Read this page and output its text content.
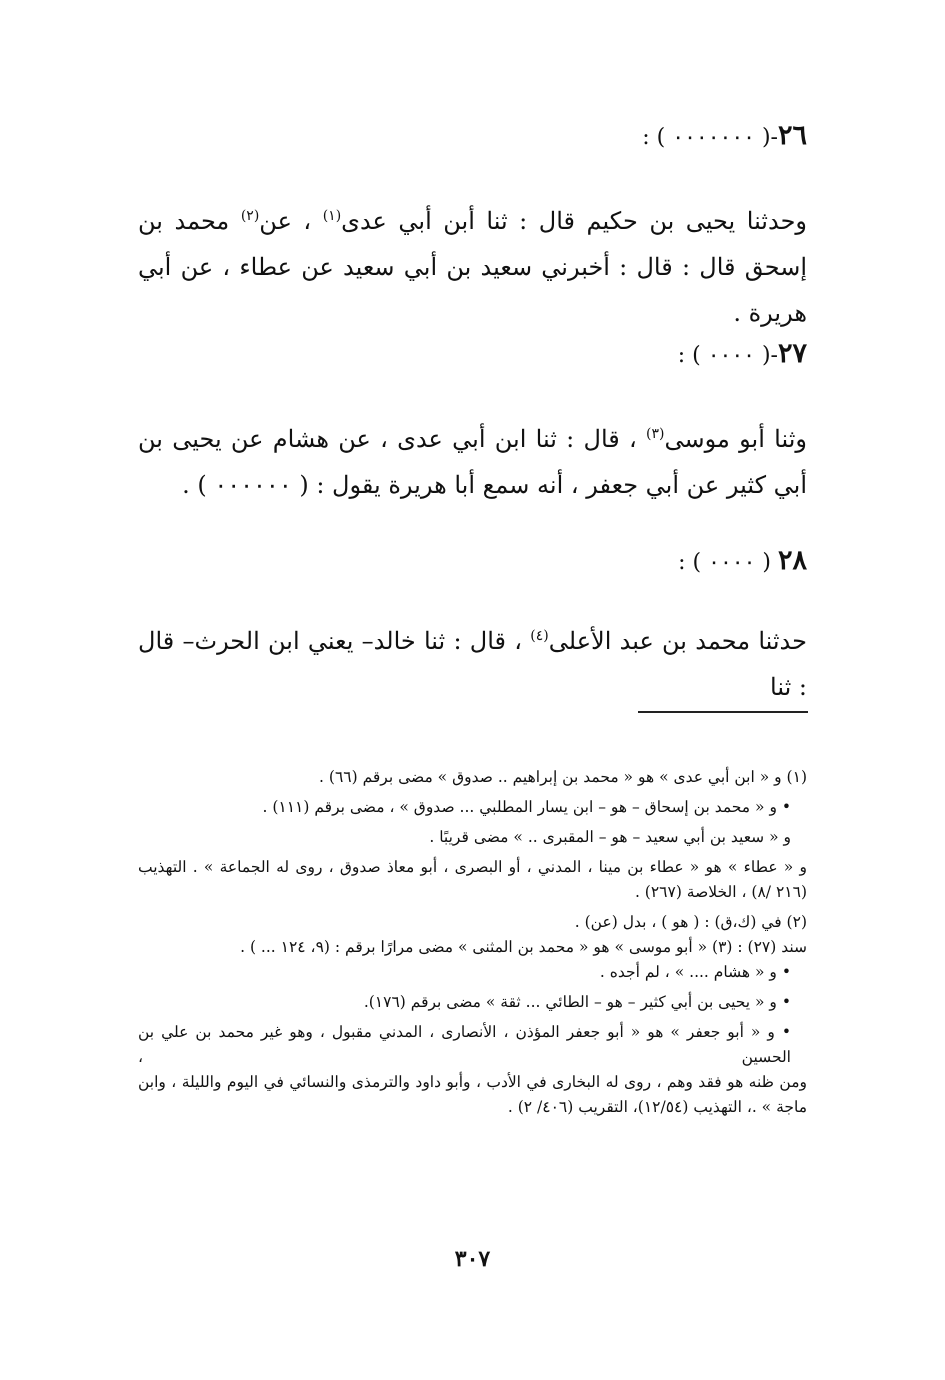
٢٦-( ٠٠٠٠٠٠٠ ) :
وحدثنا يحيى بن حكيم قال : ثنا أبن أبي عدى$^{(١)}$ ، عن$^{(٢)}$ محمد بن إسحق قال : قال : أخبرني سعيد بن أبي سعيد عن عطاء ، عن أبي هريرة .
٢٧-( ٠٠٠٠ ) :
وثنا أبو موسى$^{(٣)}$ ، قال : ثنا ابن أبي عدى ، عن هشام عن يحيى بن أبي كثير عن أبي جعفر ، أنه سمع أبا هريرة يقول : ( ٠٠٠٠٠٠ ) .
٢٨ ( ٠٠٠٠ ) :
حدثنا محمد بن عبد الأعلى$^{(٤)}$ ، قال : ثنا خالد– يعني ابن الحرث– قال : ثنا
(١) و « ابن أبي عدى » هو « محمد بن إبراهيم .. صدوق » مضى برقم (٦٦) .
• و « محمد بن إسحاق – هو – ابن يسار المطلبي ... صدوق » ، مضى برقم (١١١) .
و « سعيد بن أبي سعيد – هو – المقبرى .. » مضى قريبًا .
و « عطاء » هو « عطاء بن مينا ، المدني ، أو البصرى ، أبو معاذ صدوق ، روى له الجماعة » . التهذيب
(٢١٦ /٨) ، الخلاصة (٢٦٧) .
(٢) في (ك،ق) : ( هو ) ، بدل (عن) .
سند (٢٧) : (٣) « أبو موسى » هو « محمد بن المثنى » مضى مرارًا برقم : (٩، ١٢٤ ... ) .
• و « هشام .... » ، لم أجده .
• و « يحيى بن أبي كثير – هو – الطائي ... ثقة » مضى برقم (١٧٦).
• و « أبو جعفر » هو « أبو جعفر المؤذن ، الأنصارى ، المدني مقبول ، وهو غير محمد بن علي بن الحسين ،
ومن ظنه هو فقد وهم ، روى له البخارى في الأدب ، وأبو داود والترمذى والنسائي في اليوم والليلة ، وابن
ماجة » .، التهذيب (١٢/٥٤)، التقريب (٤٠٦/ ٢) .
٣٠٧
